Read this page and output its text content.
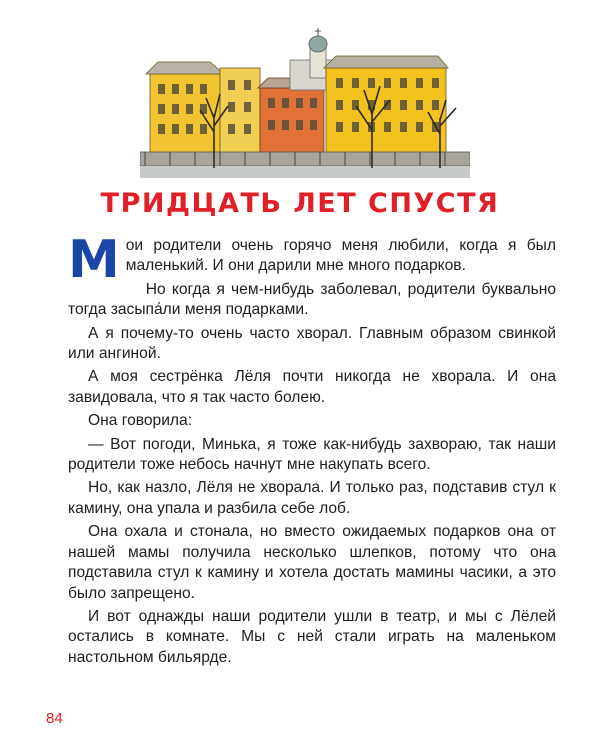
ТРИДЦАТЬ ЛЕТ СПУСТЯ

Мои родители очень горячо меня любили, когда я был маленький. И они дарили мне много подарков.

Но когда я чем-нибудь заболевал, родители буквально тогда засыпа́ли меня подарками.

А я почему-то очень часто хворал. Главным образом свинкой или ангиной.

А моя сестрёнка Лёля почти никогда не хворала. И она завидовала, что я так часто болею.

Она говорила:

— Вот погоди, Минька, я тоже как-нибудь захвораю, так наши родители тоже небось начнут мне накупать всего.

Но, как назло, Лёля не хворала. И только раз, подставив стул к камину, она упала и разбила себе лоб.

Она охала и стонала, но вместо ожидаемых подарков она от нашей мамы получила несколько шлепков, потому что она подставила стул к камину и хотела достать мамины часики, а это было запрещено.

И вот однажды наши родители ушли в театр, и мы с Лёлей остались в комнате. Мы с ней стали играть на маленьком настольном бильярде.

84
